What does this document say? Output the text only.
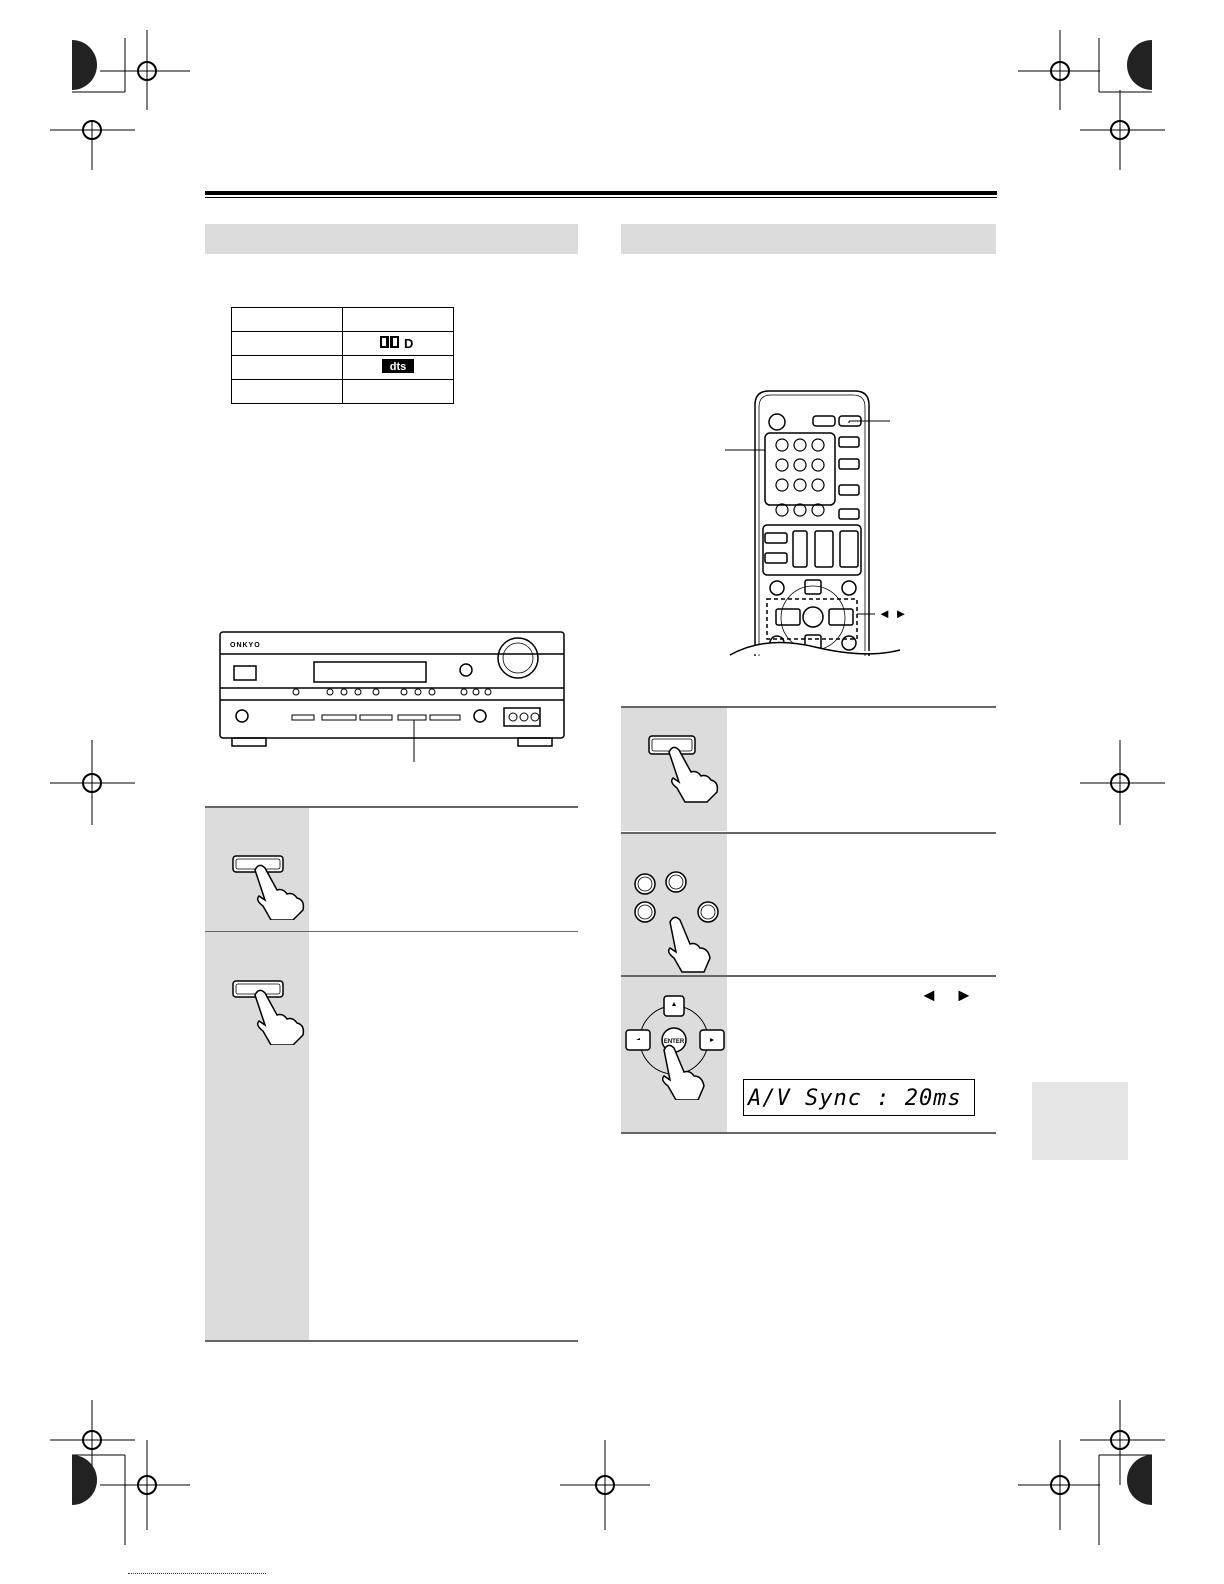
D

dts

◄ ►
ONKYO
ENTER
◄ ►
A/V Sync : 20ms
